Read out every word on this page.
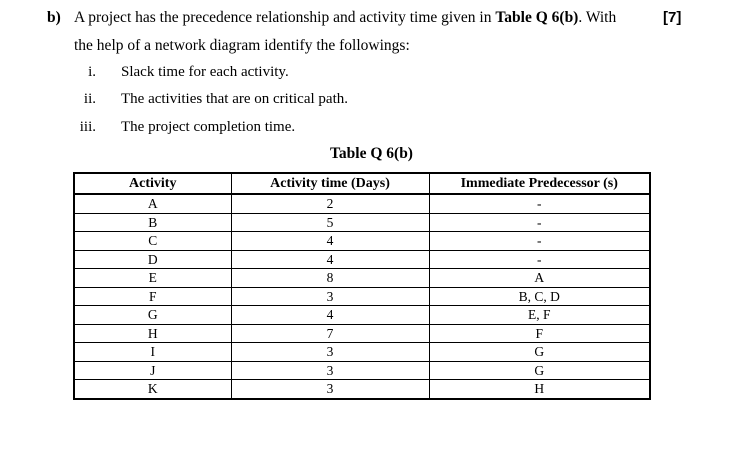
b) A project has the precedence relationship and activity time given in Table Q 6(b). With	[7]
the help of a network diagram identify the followings:
i. Slack time for each activity.
ii. The activities that are on critical path.
iii. The project completion time.
Table Q 6(b)
Activity	Activity time (Days)	Immediate Predecessor (s)
A	2	-
B	5	-
C	4	-
D	4	-
E	8	A
F	3	B, C, D
G	4	E, F
H	7	F
I	3	G
J	3	G
K	3	H
